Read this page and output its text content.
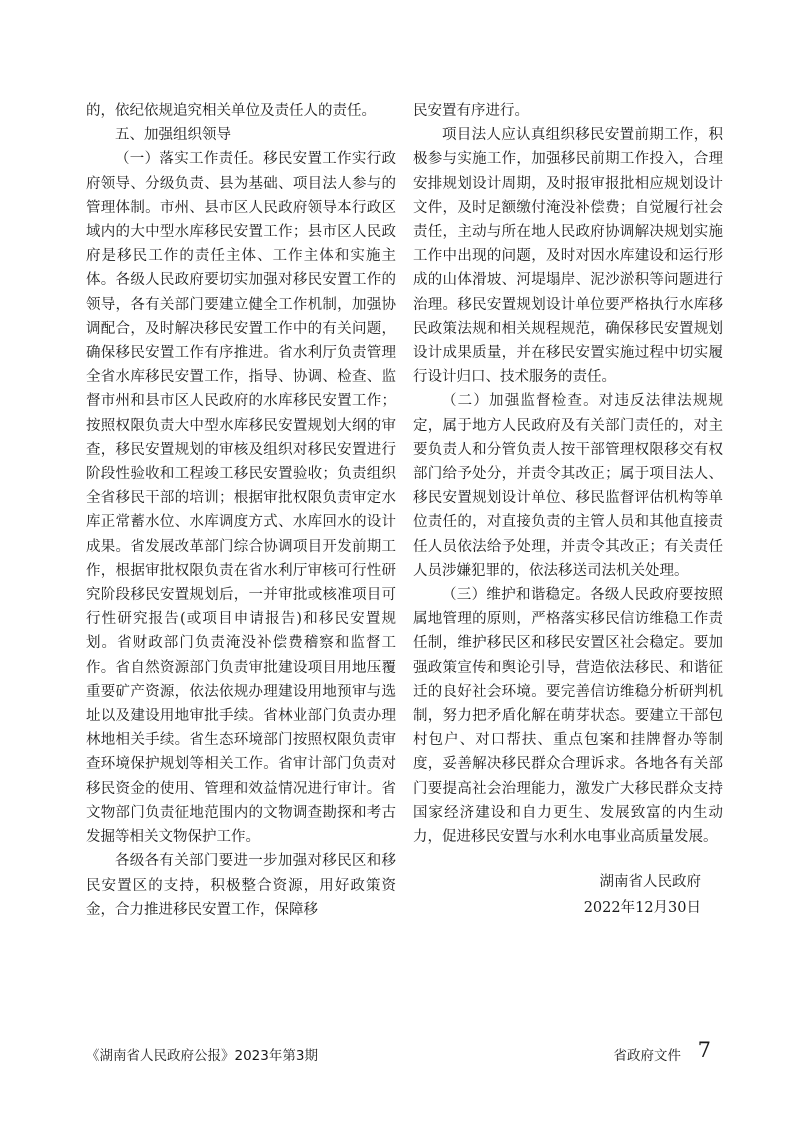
的，依纪依规追究相关单位及责任人的责任。

五、加强组织领导

（一）落实工作责任。移民安置工作实行政府领导、分级负责、县为基础、项目法人参与的管理体制。市州、县市区人民政府领导本行政区域内的大中型水库移民安置工作；县市区人民政府是移民工作的责任主体、工作主体和实施主体。各级人民政府要切实加强对移民安置工作的领导，各有关部门要建立健全工作机制，加强协调配合，及时解决移民安置工作中的有关问题，确保移民安置工作有序推进。省水利厅负责管理全省水库移民安置工作，指导、协调、检查、监督市州和县市区人民政府的水库移民安置工作；按照权限负责大中型水库移民安置规划大纲的审查，移民安置规划的审核及组织对移民安置进行阶段性验收和工程竣工移民安置验收；负责组织全省移民干部的培训；根据审批权限负责审定水库正常蓄水位、水库调度方式、水库回水的设计成果。省发展改革部门综合协调项目开发前期工作，根据审批权限负责在省水利厅审核可行性研究阶段移民安置规划后，一并审批或核准项目可行性研究报告(或项目申请报告)和移民安置规划。省财政部门负责淹没补偿费稽察和监督工作。省自然资源部门负责审批建设项目用地压覆重要矿产资源，依法依规办理建设用地预审与选址以及建设用地审批手续。省林业部门负责办理林地相关手续。省生态环境部门按照权限负责审查环境保护规划等相关工作。省审计部门负责对移民资金的使用、管理和效益情况进行审计。省文物部门负责征地范围内的文物调查勘探和考古发掘等相关文物保护工作。

各级各有关部门要进一步加强对移民区和移民安置区的支持，积极整合资源，用好政策资金，合力推进移民安置工作，保障移

民安置有序进行。

项目法人应认真组织移民安置前期工作，积极参与实施工作，加强移民前期工作投入，合理安排规划设计周期，及时报审报批相应规划设计文件，及时足额缴付淹没补偿费；自觉履行社会责任，主动与所在地人民政府协调解决规划实施工作中出现的问题，及时对因水库建设和运行形成的山体滑坡、河堤塌岸、泥沙淤积等问题进行治理。移民安置规划设计单位要严格执行水库移民政策法规和相关规程规范，确保移民安置规划设计成果质量，并在移民安置实施过程中切实履行设计归口、技术服务的责任。

（二）加强监督检查。对违反法律法规规定，属于地方人民政府及有关部门责任的，对主要负责人和分管负责人按干部管理权限移交有权部门给予处分，并责令其改正；属于项目法人、移民安置规划设计单位、移民监督评估机构等单位责任的，对直接负责的主管人员和其他直接责任人员依法给予处理，并责令其改正；有关责任人员涉嫌犯罪的，依法移送司法机关处理。

（三）维护和谐稳定。各级人民政府要按照属地管理的原则，严格落实移民信访维稳工作责任制，维护移民区和移民安置区社会稳定。要加强政策宣传和舆论引导，营造依法移民、和谐征迁的良好社会环境。要完善信访维稳分析研判机制，努力把矛盾化解在萌芽状态。要建立干部包村包户、对口帮扶、重点包案和挂牌督办等制度，妥善解决移民群众合理诉求。各地各有关部门要提高社会治理能力，激发广大移民群众支持国家经济建设和自力更生、发展致富的内生动力，促进移民安置与水利水电事业高质量发展。

湖南省人民政府
2022年12月30日
《湖南省人民政府公报》2023年第3期	省政府文件 7
